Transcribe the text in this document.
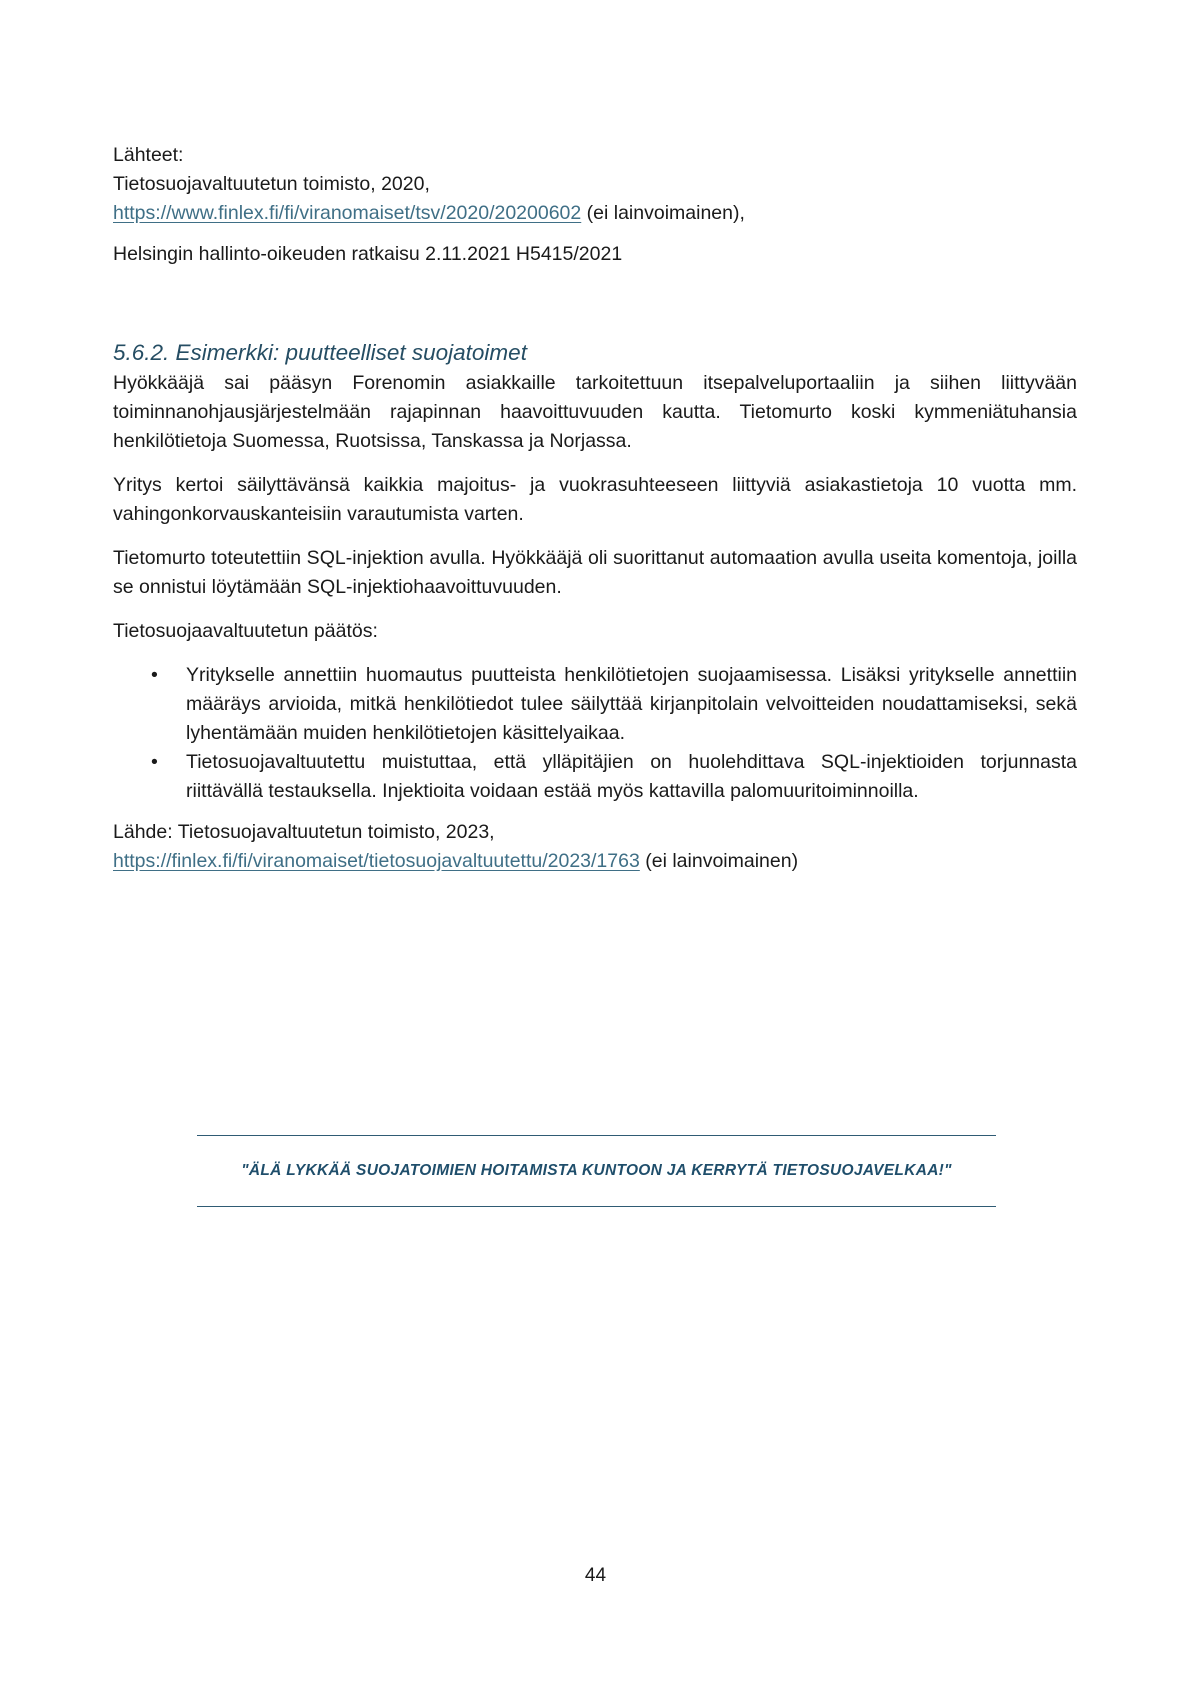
Lähteet:
Tietosuojavaltuutetun toimisto, 2020,
https://www.finlex.fi/fi/viranomaiset/tsv/2020/20200602 (ei lainvoimainen),
Helsingin hallinto-oikeuden ratkaisu 2.11.2021 H5415/2021
5.6.2. Esimerkki: puutteelliset suojatoimet

Hyökkääjä sai pääsyn Forenomin asiakkaille tarkoitettuun itsepalveluportaaliin ja siihen liittyvään toiminnanohjausjärjestelmään rajapinnan haavoittuvuuden kautta. Tietomurto koski kymmeniätuhansia henkilötietoja Suomessa, Ruotsissa, Tanskassa ja Norjassa.

Yritys kertoi säilyttävänsä kaikkia majoitus- ja vuokrasuhteeseen liittyviä asiakastietoja 10 vuotta mm. vahingonkorvauskanteisiin varautumista varten.

Tietomurto toteutettiin SQL-injektion avulla. Hyökkääjä oli suorittanut automaation avulla useita komentoja, joilla se onnistui löytämään SQL-injektiohaavoittuvuuden.

Tietosuojaavaltuutetun päätös:

• Yritykselle annettiin huomautus puutteista henkilötietojen suojaamisessa. Lisäksi yritykselle annettiin määräys arvioida, mitkä henkilötiedot tulee säilyttää kirjanpitolain velvoitteiden noudattamiseksi, sekä lyhentämään muiden henkilötietojen käsittelyaikaa.
• Tietosuojavaltuutettu muistuttaa, että ylläpitäjien on huolehdittava SQL-injektioiden torjunnasta riittävällä testauksella. Injektioita voidaan estää myös kattavilla palomuuritoiminnoilla.
Lähde: Tietosuojavaltuutetun toimisto, 2023,
https://finlex.fi/fi/viranomaiset/tietosuojavaltuutettu/2023/1763 (ei lainvoimainen)
"ÄLÄ LYKKÄÄ SUOJATOIMIEN HOITAMISTA KUNTOON JA KERRYTÄ TIETOSUOJAVELKAA!"
44
